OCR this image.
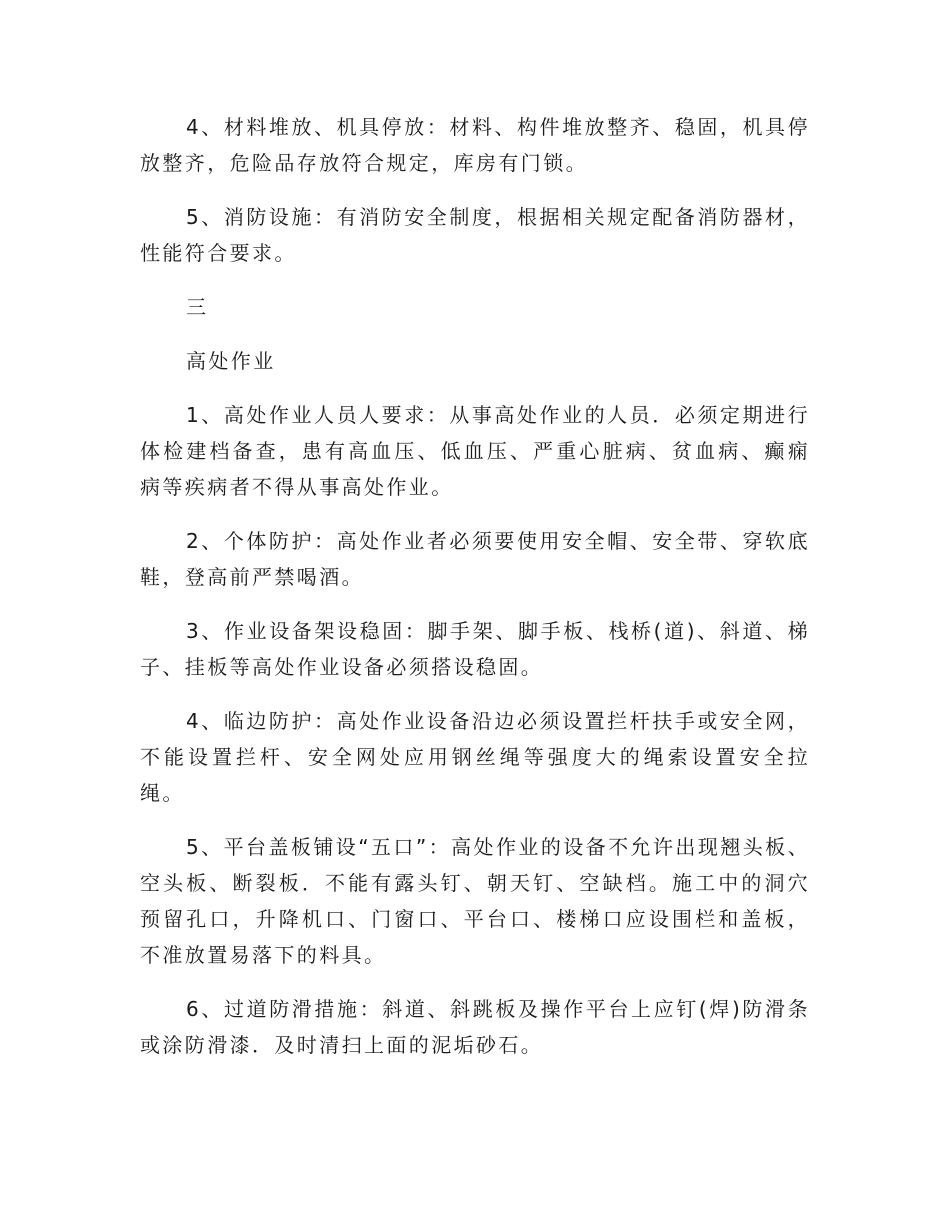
4、材料堆放、机具停放：材料、构件堆放整齐、稳固，机具停放整齐，危险品存放符合规定，库房有门锁。

5、消防设施：有消防安全制度，根据相关规定配备消防器材，性能符合要求。

三

高处作业

1、高处作业人员人要求：从事高处作业的人员．必须定期进行体检建档备查，患有高血压、低血压、严重心脏病、贫血病、癫痫病等疾病者不得从事高处作业。

2、个体防护：高处作业者必须要使用安全帽、安全带、穿软底鞋，登高前严禁喝酒。

3、作业设备架设稳固：脚手架、脚手板、栈桥(道)、斜道、梯子、挂板等高处作业设备必须搭设稳固。

4、临边防护：高处作业设备沿边必须设置拦杆扶手或安全网，不能设置拦杆、安全网处应用钢丝绳等强度大的绳索设置安全拉绳。

5、平台盖板铺设“五口”：高处作业的设备不允许出现翘头板、空头板、断裂板．不能有露头钉、朝天钉、空缺档。施工中的洞穴预留孔口，升降机口、门窗口、平台口、楼梯口应设围栏和盖板，不准放置易落下的料具。

6、过道防滑措施：斜道、斜跳板及操作平台上应钉(焊)防滑条或涂防滑漆．及时清扫上面的泥垢砂石。
